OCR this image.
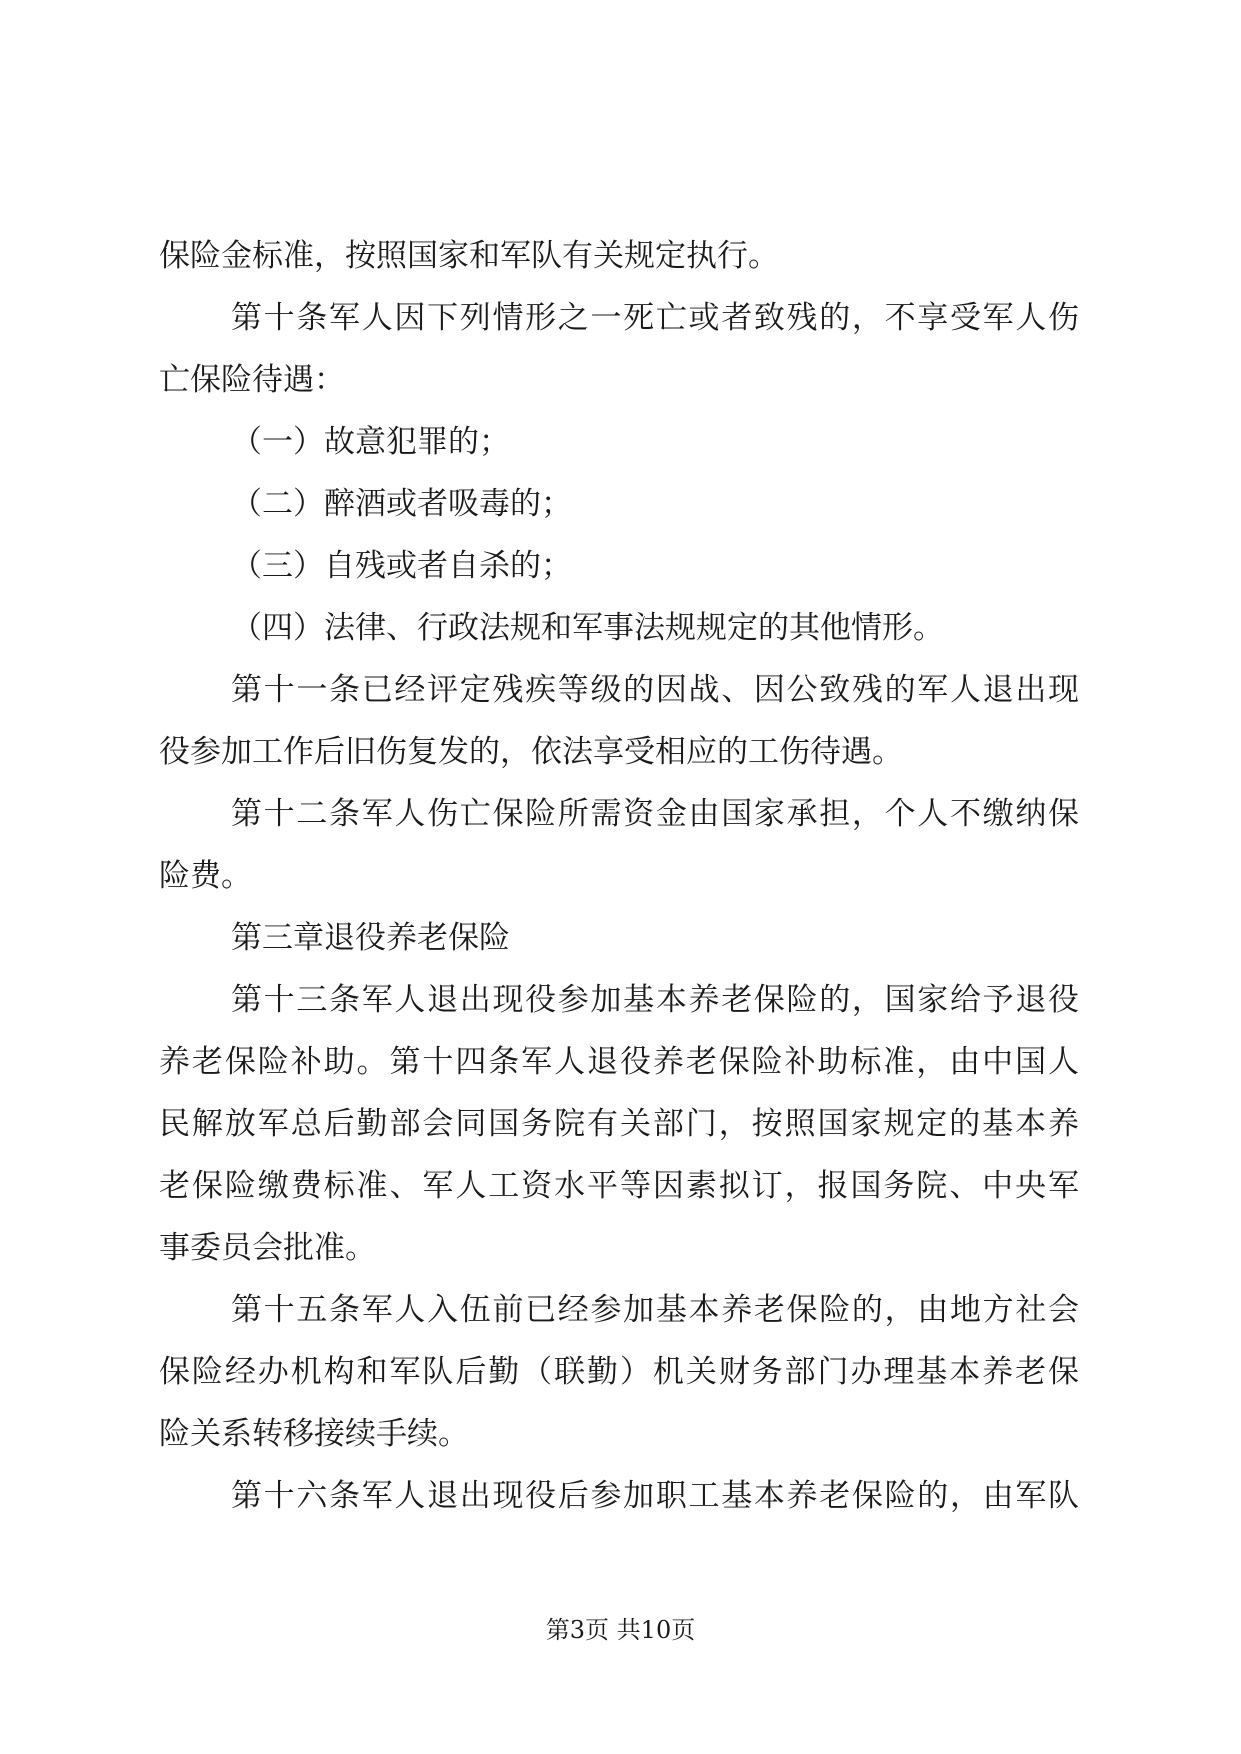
保险金标准，按照国家和军队有关规定执行。
第十条军人因下列情形之一死亡或者致残的，不享受军人伤
亡保险待遇：
（一）故意犯罪的；
（二）醉酒或者吸毒的；
（三）自残或者自杀的；
（四）法律、行政法规和军事法规规定的其他情形。
第十一条已经评定残疾等级的因战、因公致残的军人退出现
役参加工作后旧伤复发的，依法享受相应的工伤待遇。
第十二条军人伤亡保险所需资金由国家承担，个人不缴纳保
险费。
第三章退役养老保险
第十三条军人退出现役参加基本养老保险的，国家给予退役
养老保险补助。第十四条军人退役养老保险补助标准，由中国人
民解放军总后勤部会同国务院有关部门，按照国家规定的基本养
老保险缴费标准、军人工资水平等因素拟订，报国务院、中央军
事委员会批准。
第十五条军人入伍前已经参加基本养老保险的，由地方社会
保险经办机构和军队后勤（联勤）机关财务部门办理基本养老保
险关系转移接续手续。
第十六条军人退出现役后参加职工基本养老保险的，由军队
第3页 共10页
